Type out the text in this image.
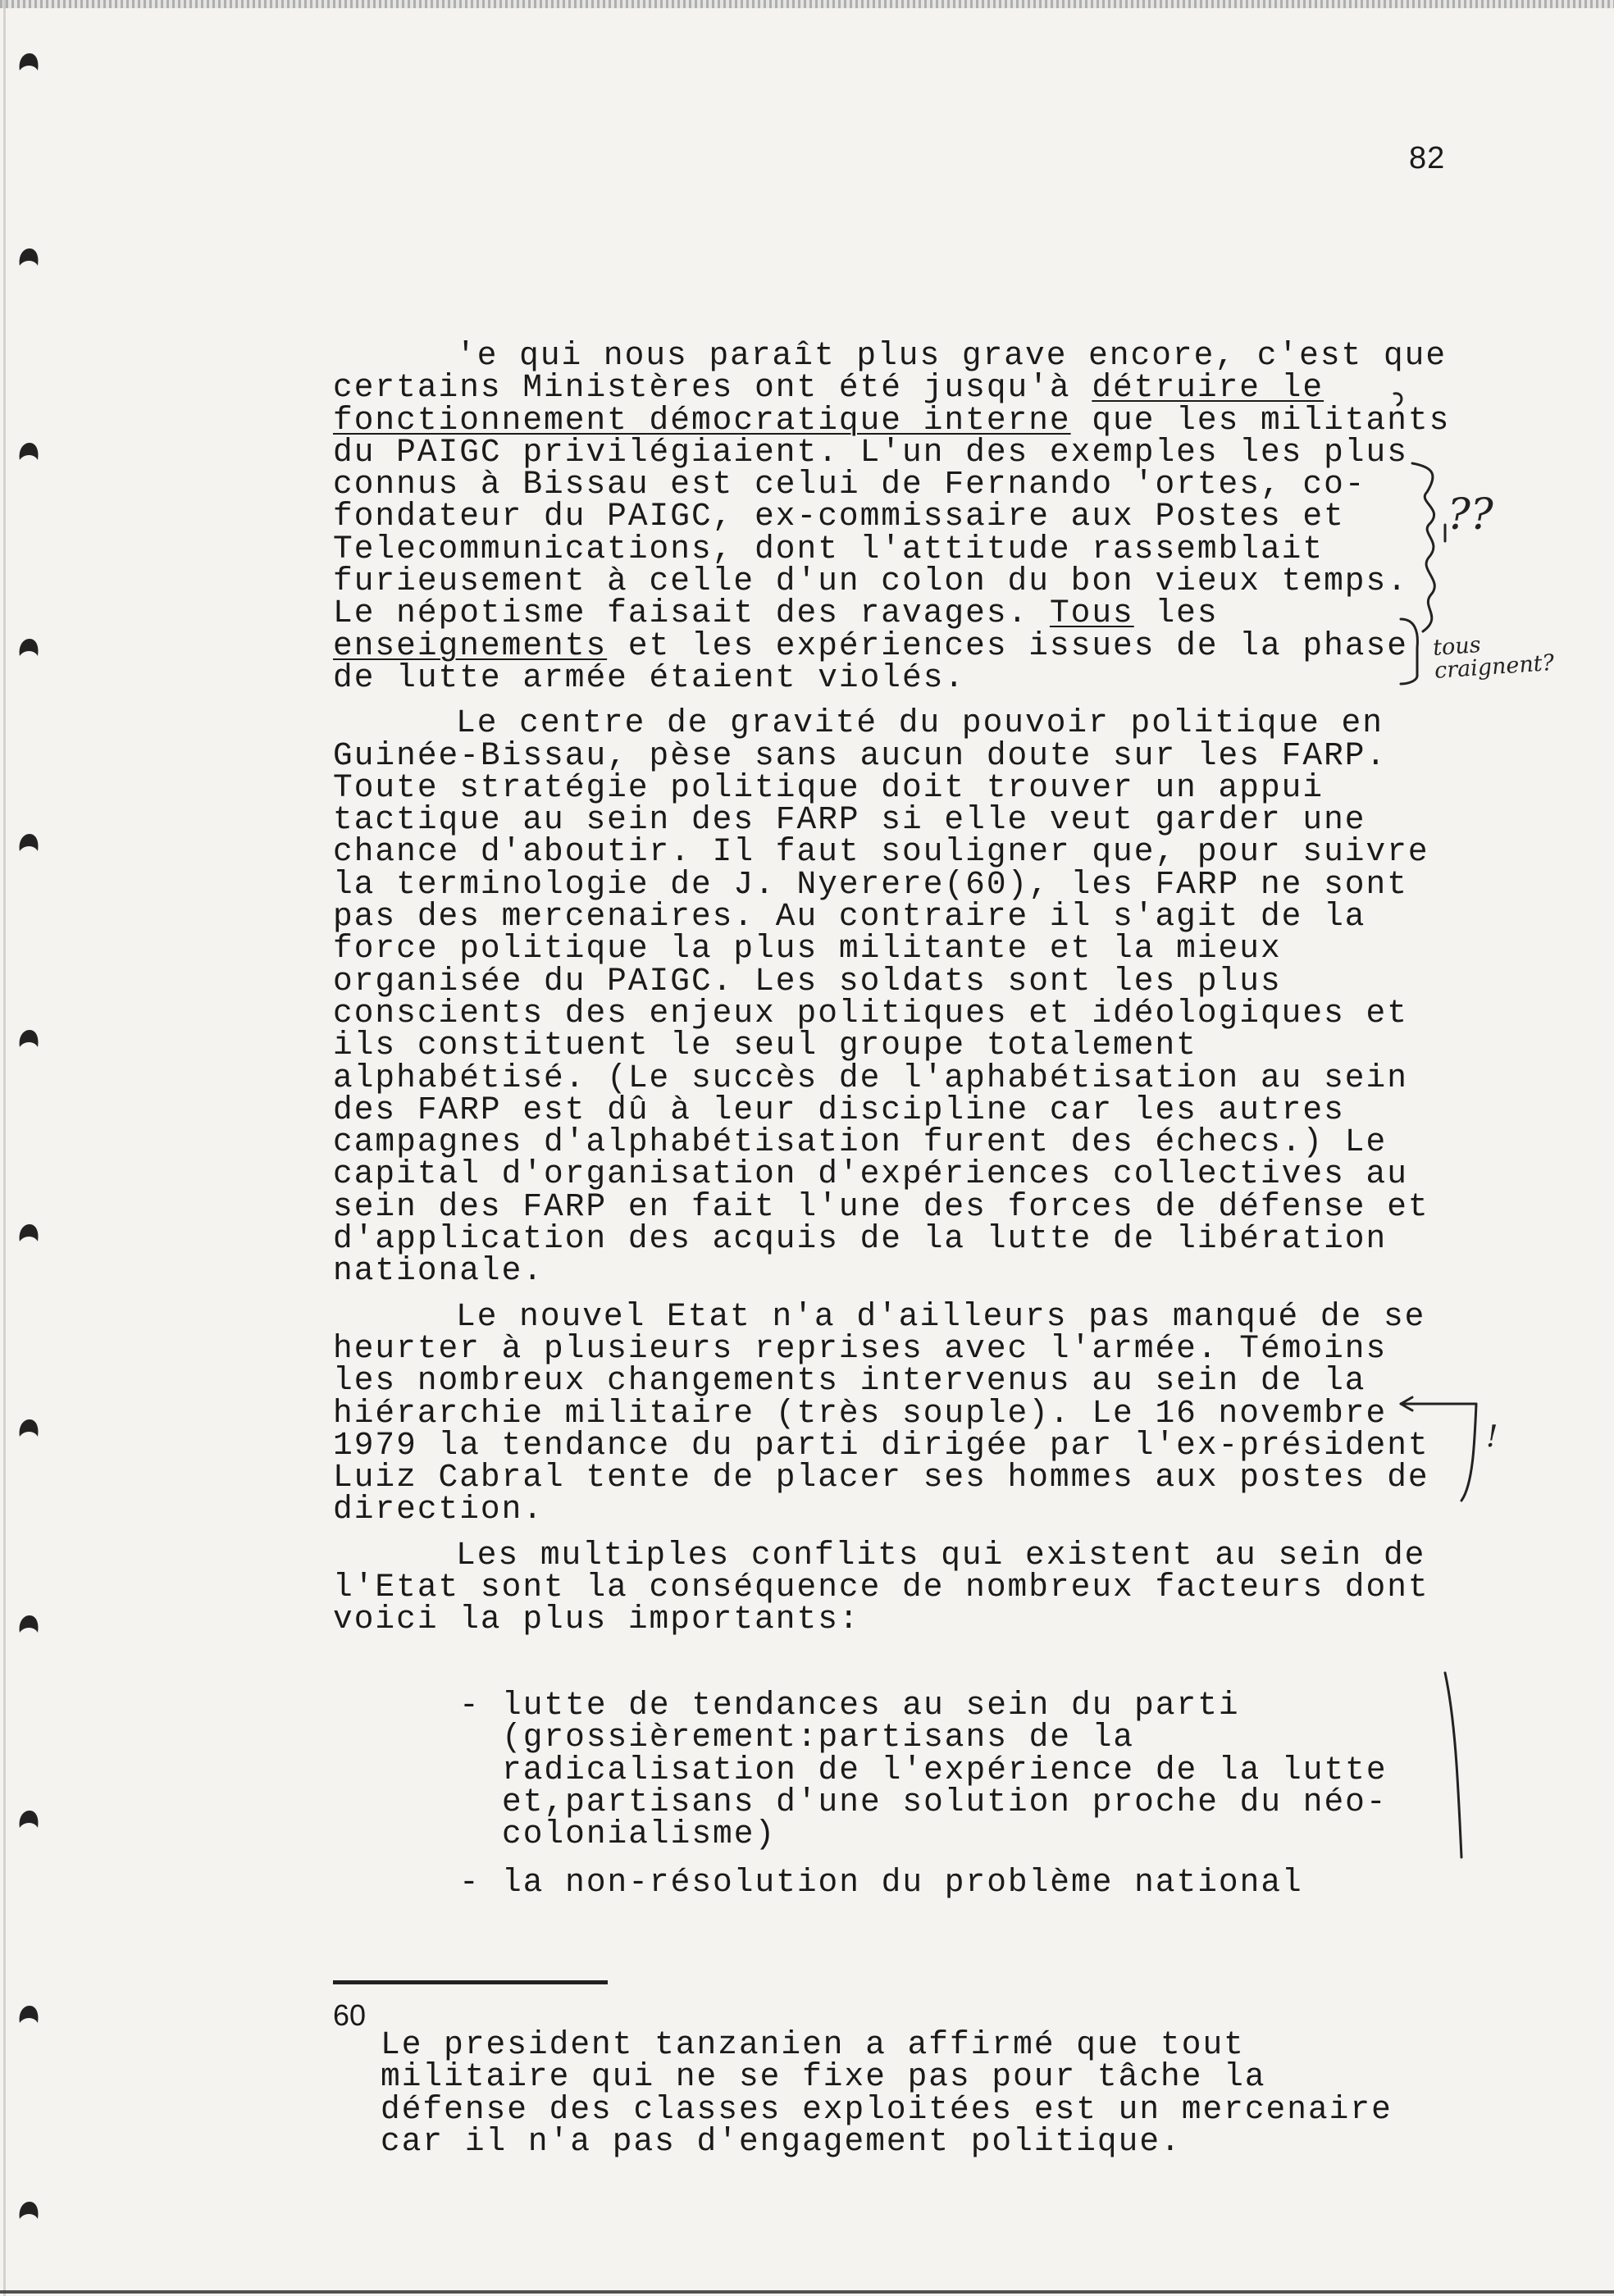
82

'e qui nous paraît plus grave encore, c'est que certains Ministères ont été jusqu'à détruire le fonctionnement démocratique interne que les militants du PAIGC privilégiaient. L'un des exemples les plus connus à Bissau est celui de Fernando 'ortes, co-fondateur du PAIGC, ex-commissaire aux Postes et Telecommunications, dont l'attitude rassemblait furieusement à celle d'un colon du bon vieux temps. Le népotisme faisait des ravages. Tous les enseignements et les expériences issues de la phase de lutte armée étaient violés.

Le centre de gravité du pouvoir politique en Guinée-Bissau, pèse sans aucun doute sur les FARP. Toute stratégie politique doit trouver un appui tactique au sein des FARP si elle veut garder une chance d'aboutir. Il faut souligner que, pour suivre la terminologie de J. Nyerere(60), les FARP ne sont pas des mercenaires. Au contraire il s'agit de la force politique la plus militante et la mieux organisée du PAIGC. Les soldats sont les plus conscients des enjeux politiques et idéologiques et ils constituent le seul groupe totalement alphabétisé. (Le succès de l'aphabétisation au sein des FARP est dû à leur discipline car les autres campagnes d'alphabétisation furent des échecs.) Le capital d'organisation d'expériences collectives au sein des FARP en fait l'une des forces de défense et d'application des acquis de la lutte de libération nationale.

Le nouvel Etat n'a d'ailleurs pas manqué de se heurter à plusieurs reprises avec l'armée. Témoins les nombreux changements intervenus au sein de la hiérarchie militaire (très souple). Le 16 novembre 1979 la tendance du parti dirigée par l'ex-président Luiz Cabral tente de placer ses hommes aux postes de direction.

Les multiples conflits qui existent au sein de l'Etat sont la conséquence de nombreux facteurs dont voici la plus importants:

- lutte de tendances au sein du parti (grossièrement:partisans de la radicalisation de l'expérience de la lutte et,partisans d'une solution proche du néo-colonialisme)
- la non-résolution du problème national
60
Le president tanzanien a affirmé que tout militaire qui ne se fixe pas pour tâche la défense des classes exploitées est un mercenaire car il n'a pas d'engagement politique.
??
tous craignent?
!
